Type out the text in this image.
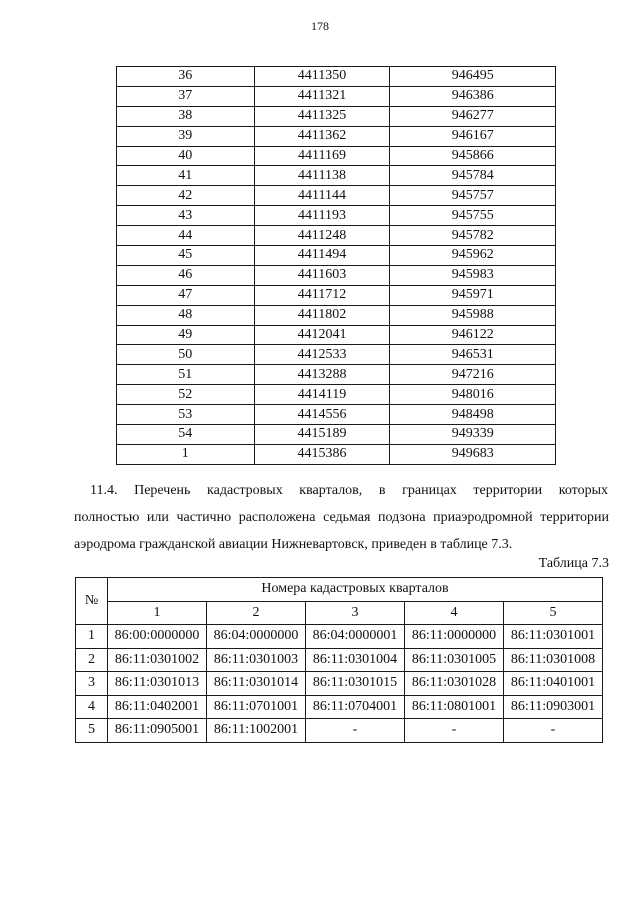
178
36	4411350	946495
37	4411321	946386
38	4411325	946277
39	4411362	946167
40	4411169	945866
41	4411138	945784
42	4411144	945757
43	4411193	945755
44	4411248	945782
45	4411494	945962
46	4411603	945983
47	4411712	945971
48	4411802	945988
49	4412041	946122
50	4412533	946531
51	4413288	947216
52	4414119	948016
53	4414556	948498
54	4415189	949339
1	4415386	949683

11.4. Перечень кадастровых кварталов, в границах территории которых

полностью или частично расположена седьмая подзона приаэродромной территории

аэродрома гражданской авиации Нижневартовск, приведен в таблице 7.3.

Таблица 7.3
№	Номера кадастровых кварталов				
	1	2	3	4	5
1	86:00:0000000	86:04:0000000	86:04:0000001	86:11:0000000	86:11:0301001
2	86:11:0301002	86:11:0301003	86:11:0301004	86:11:0301005	86:11:0301008
3	86:11:0301013	86:11:0301014	86:11:0301015	86:11:0301028	86:11:0401001
4	86:11:0402001	86:11:0701001	86:11:0704001	86:11:0801001	86:11:0903001
5	86:11:0905001	86:11:1002001	-	-	-
